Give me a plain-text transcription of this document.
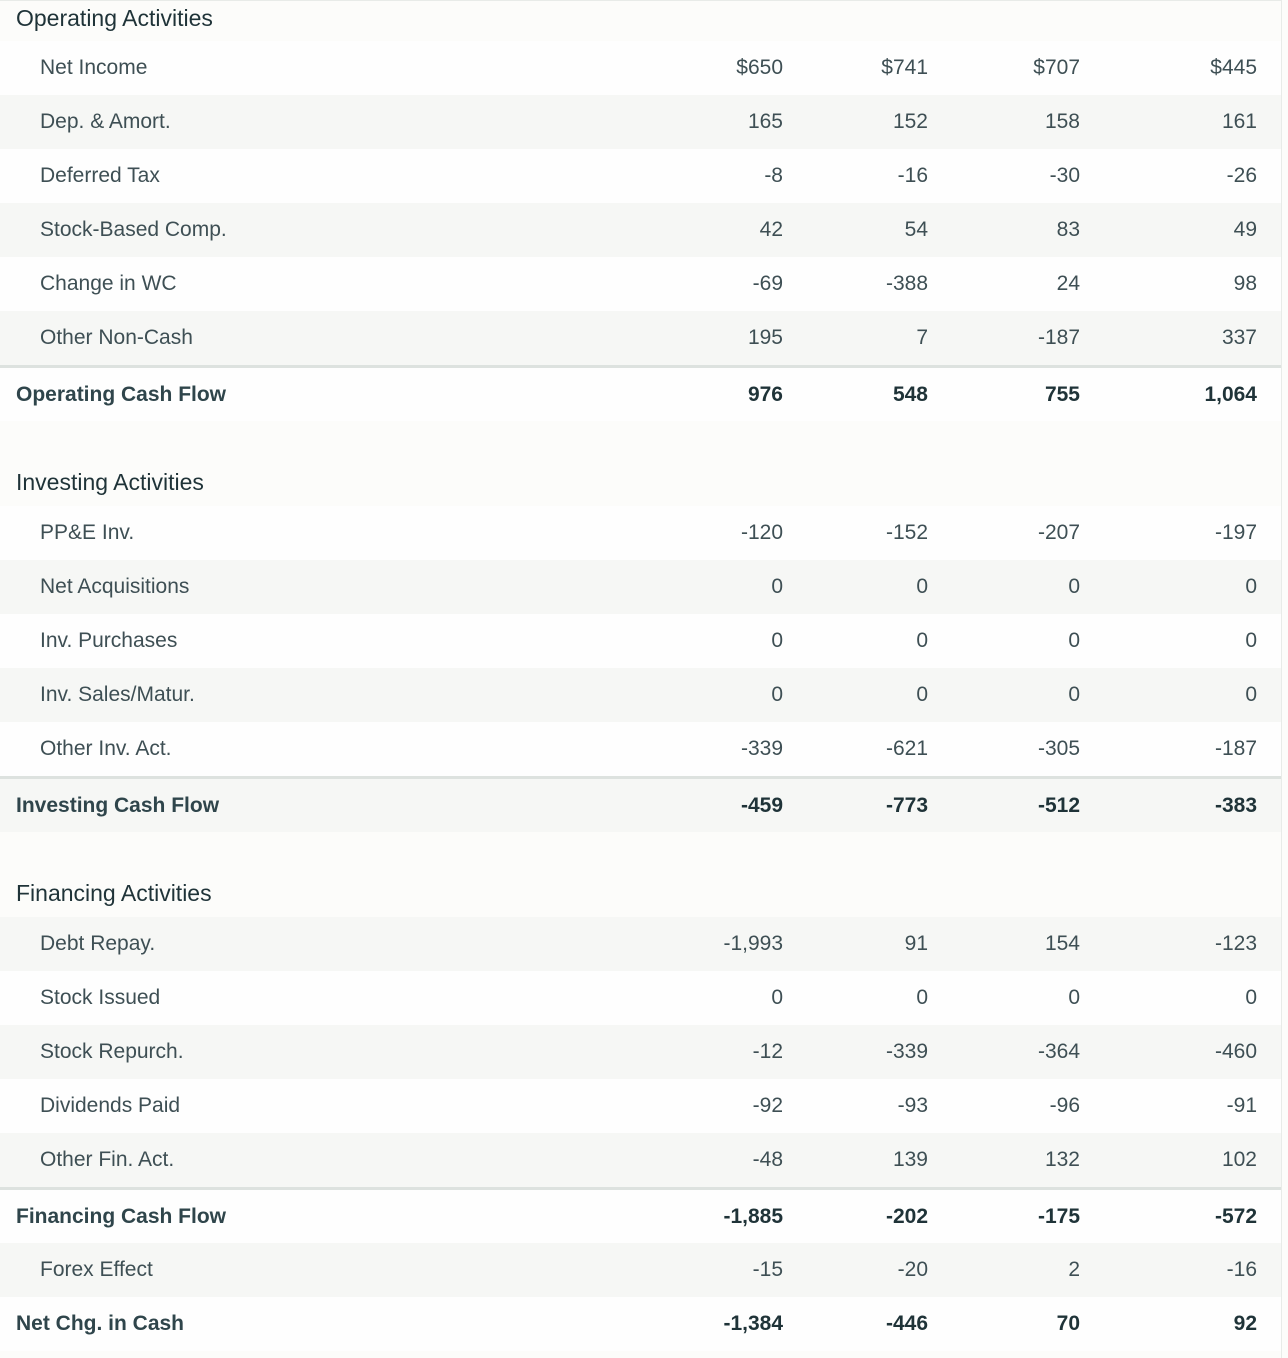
Operating Activities
Net Income	$650	$741	$707	$445
Dep. & Amort.	165	152	158	161
Deferred Tax	-8	-16	-30	-26
Stock-Based Comp.	42	54	83	49
Change in WC	-69	-388	24	98
Other Non-Cash	195	7	-187	337
Operating Cash Flow	976	548	755	1,064
Investing Activities
PP&E Inv.	-120	-152	-207	-197
Net Acquisitions	0	0	0	0
Inv. Purchases	0	0	0	0
Inv. Sales/Matur.	0	0	0	0
Other Inv. Act.	-339	-621	-305	-187
Investing Cash Flow	-459	-773	-512	-383
Financing Activities
Debt Repay.	-1,993	91	154	-123
Stock Issued	0	0	0	0
Stock Repurch.	-12	-339	-364	-460
Dividends Paid	-92	-93	-96	-91
Other Fin. Act.	-48	139	132	102
Financing Cash Flow	-1,885	-202	-175	-572
Forex Effect	-15	-20	2	-16
Net Chg. in Cash	-1,384	-446	70	92
